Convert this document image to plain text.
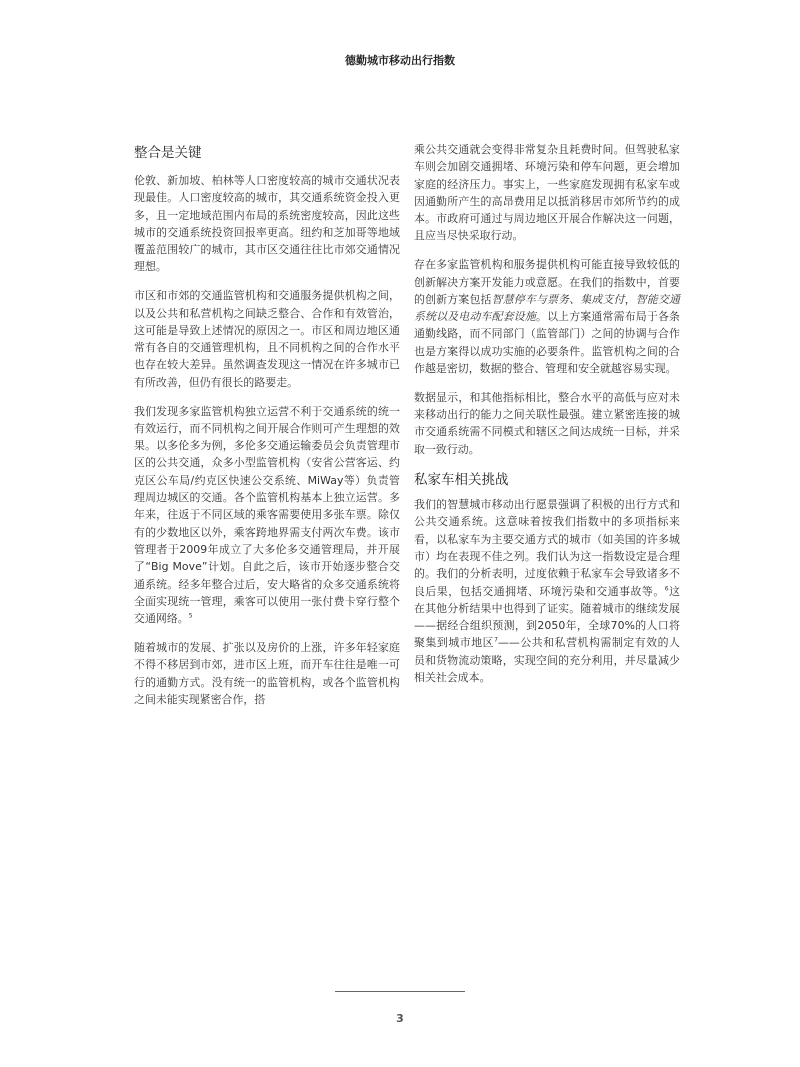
德勤城市移动出行指数
整合是关键

伦敦、新加坡、柏林等人口密度较高的城市交通状况表现最佳。人口密度较高的城市，其交通系统资金投入更多，且一定地域范围内布局的系统密度较高，因此这些城市的交通系统投资回报率更高。纽约和芝加哥等地域覆盖范围较广的城市，其市区交通往往比市郊交通情况理想。

市区和市郊的交通监管机构和交通服务提供机构之间，以及公共和私营机构之间缺乏整合、合作和有效管治，这可能是导致上述情况的原因之一。市区和周边地区通常有各自的交通管理机构，且不同机构之间的合作水平也存在较大差异。虽然调查发现这一情况在许多城市已有所改善，但仍有很长的路要走。

我们发现多家监管机构独立运营不利于交通系统的统一有效运行，而不同机构之间开展合作则可产生理想的效果。以多伦多为例，多伦多交通运输委员会负责管理市区的公共交通，众多小型监管机构（安省公营客运、约克区公车局/约克区快速公交系统、MiWay等）负责管理周边城区的交通。各个监管机构基本上独立运营。多年来，往返于不同区域的乘客需要使用多张车票。除仅有的少数地区以外，乘客跨地界需支付两次车费。该市管理者于2009年成立了大多伦多交通管理局，并开展了“Big Move”计划。自此之后，该市开始逐步整合交通系统。经多年整合过后，安大略省的众多交通系统将全面实现统一管理，乘客可以使用一张付费卡穿行整个交通网络。$^5$

随着城市的发展、扩张以及房价的上涨，许多年轻家庭不得不移居到市郊，进市区上班，而开车往往是唯一可行的通勤方式。没有统一的监管机构，或各个监管机构之间未能实现紧密合作，搭

乘公共交通就会变得非常复杂且耗费时间。但驾驶私家车则会加剧交通拥堵、环境污染和停车问题，更会增加家庭的经济压力。事实上，一些家庭发现拥有私家车或因通勤所产生的高昂费用足以抵消移居市郊所节约的成本。市政府可通过与周边地区开展合作解决这一问题，且应当尽快采取行动。

存在多家监管机构和服务提供机构可能直接导致较低的创新解决方案开发能力或意愿。在我们的指数中，首要的创新方案包括智慧停车与票务、集成支付，智能交通系统以及电动车配套设施。以上方案通常需布局于各条通勤线路，而不同部门（监管部门）之间的协调与合作也是方案得以成功实施的必要条件。监管机构之间的合作越是密切，数据的整合、管理和安全就越容易实现。

数据显示，和其他指标相比，整合水平的高低与应对未来移动出行的能力之间关联性最强。建立紧密连接的城市交通系统需不同模式和辖区之间达成统一目标，并采取一致行动。

私家车相关挑战

我们的智慧城市移动出行愿景强调了积极的出行方式和公共交通系统。这意味着按我们指数中的多项指标来看，以私家车为主要交通方式的城市（如美国的许多城市）均在表现不佳之列。我们认为这一指数设定是合理的。我们的分析表明，过度依赖于私家车会导致诸多不良后果，包括交通拥堵、环境污染和交通事故等。$^6$这在其他分析结果中也得到了证实。随着城市的继续发展——据经合组织预测，到2050年，全球70%的人口将聚集到城市地区$^7$——公共和私营机构需制定有效的人员和货物流动策略，实现空间的充分利用，并尽量减少相关社会成本。

3
